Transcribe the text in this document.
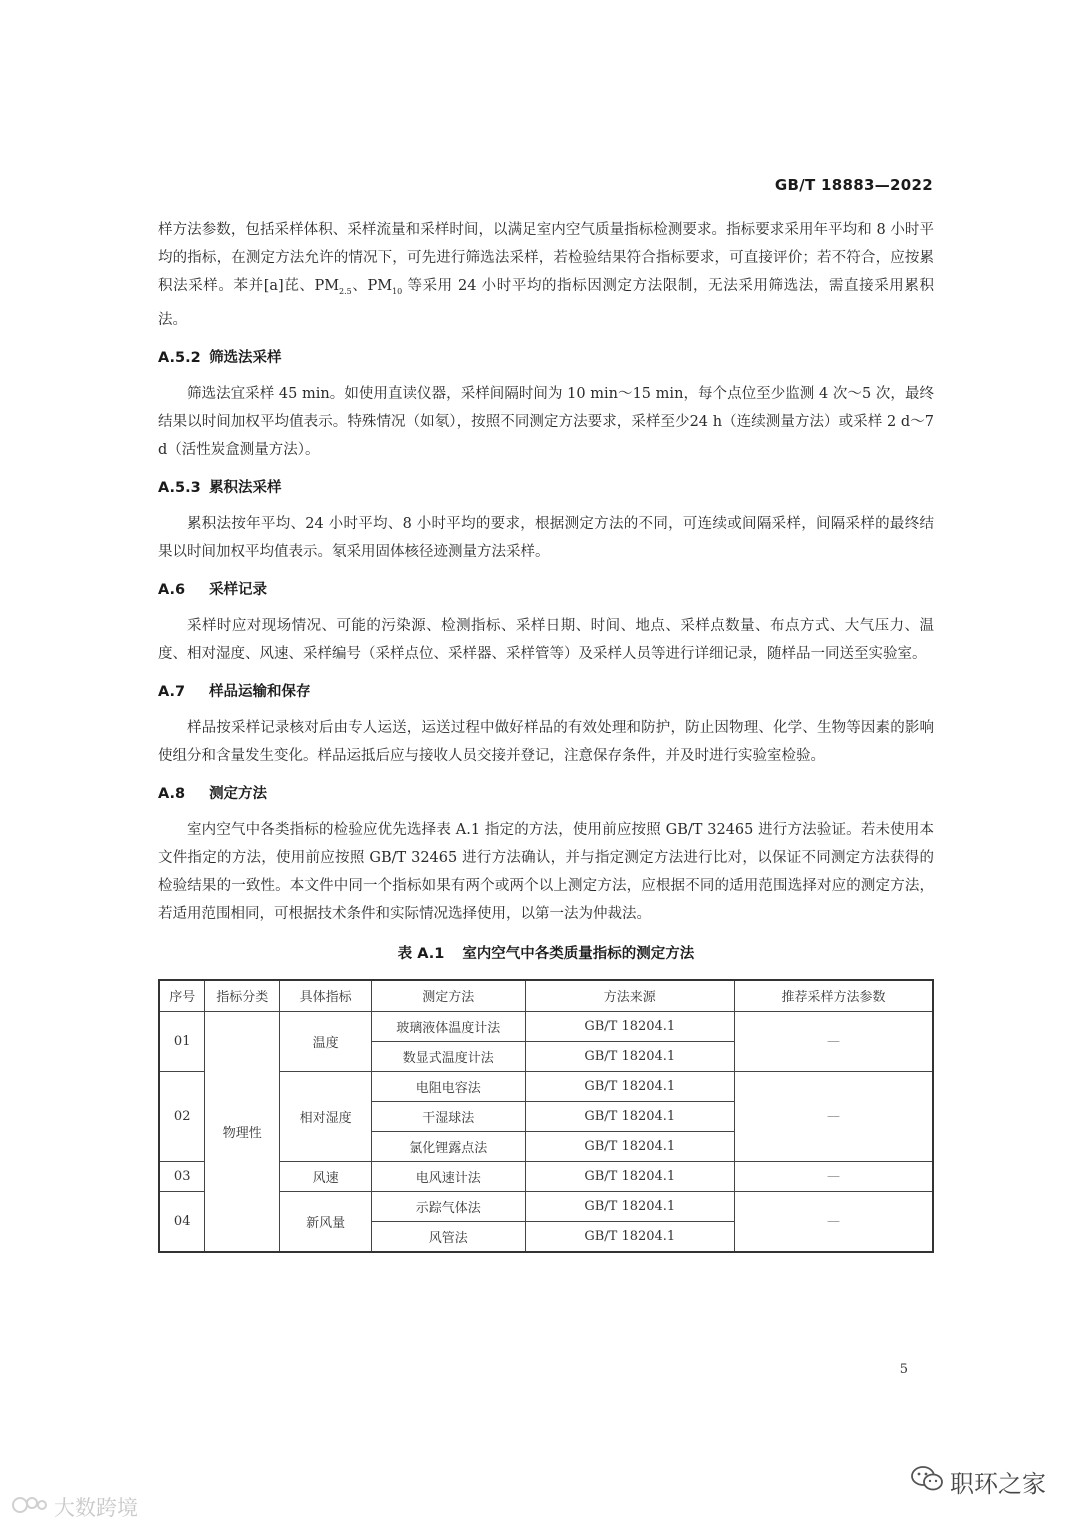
GB/T 18883—2022

样方法参数，包括采样体积、采样流量和采样时间，以满足室内空气质量指标检测要求。指标要求采用年平均和 8 小时平均的指标，在测定方法允许的情况下，可先进行筛选法采样，若检验结果符合指标要求，可直接评价；若不符合，应按累积法采样。苯并[a]芘、$PM_{2.5}$、$PM_{10}$ 等采用 24 小时平均的指标因测定方法限制，无法采用筛选法，需直接采用累积法。

A.5.2 筛选法采样

筛选法宜采样 45 min。如使用直读仪器，采样间隔时间为 10 min～15 min，每个点位至少监测 4 次～5 次，最终结果以时间加权平均值表示。特殊情况（如氡），按照不同测定方法要求，采样至少24 h（连续测量方法）或采样 2 d～7 d（活性炭盒测量方法）。

A.5.3 累积法采样

累积法按年平均、24 小时平均、8 小时平均的要求，根据测定方法的不同，可连续或间隔采样，间隔采样的最终结果以时间加权平均值表示。氡采用固体核径迹测量方法采样。

A.6 采样记录

采样时应对现场情况、可能的污染源、检测指标、采样日期、时间、地点、采样点数量、布点方式、大气压力、温度、相对湿度、风速、采样编号（采样点位、采样器、采样管等）及采样人员等进行详细记录，随样品一同送至实验室。

A.7 样品运输和保存

样品按采样记录核对后由专人运送，运送过程中做好样品的有效处理和防护，防止因物理、化学、生物等因素的影响使组分和含量发生变化。样品运抵后应与接收人员交接并登记，注意保存条件，并及时进行实验室检验。

A.8 测定方法

室内空气中各类指标的检验应优先选择表 A.1 指定的方法，使用前应按照 GB/T 32465 进行方法验证。若未使用本文件指定的方法，使用前应按照 GB/T 32465 进行方法确认，并与指定测定方法进行比对，以保证不同测定方法获得的检验结果的一致性。本文件中同一个指标如果有两个或两个以上测定方法，应根据不同的适用范围选择对应的测定方法，若适用范围相同，可根据技术条件和实际情况选择使用，以第一法为仲裁法。

表 A.1 室内空气中各类质量指标的测定方法
序号	指标分类	具体指标	测定方法	方法来源	推荐采样方法参数
01	物理性	温度	玻璃液体温度计法	GB/T 18204.1	—
			数显式温度计法	GB/T 18204.1	
02		相对湿度	电阻电容法	GB/T 18204.1	—
			干湿球法	GB/T 18204.1	
			氯化锂露点法	GB/T 18204.1	
03		风速	电风速计法	GB/T 18204.1	—
04		新风量	示踪气体法	GB/T 18204.1	—
			风管法	GB/T 18204.1	
5
职环之家
大数跨境
